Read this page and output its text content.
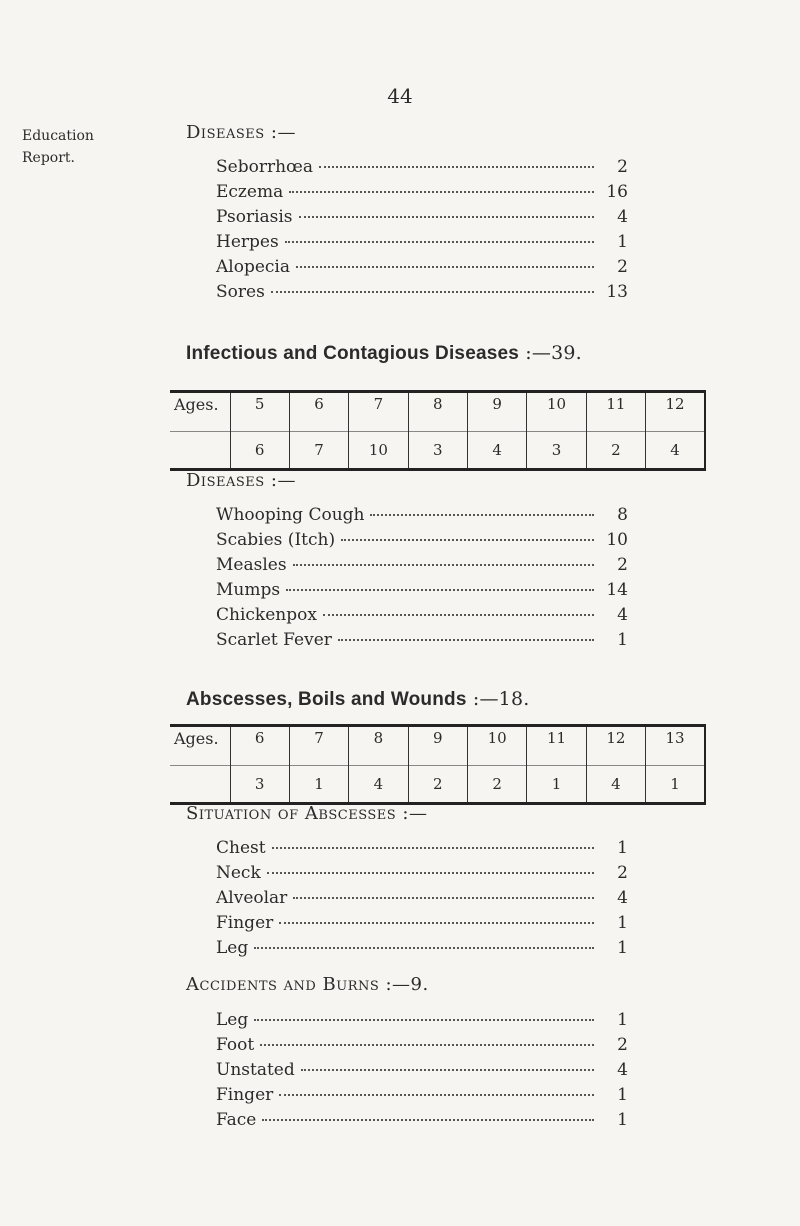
44
Education
Report.
Diseases :—
Seborrhœa	2
Eczema	16
Psoriasis	4
Herpes	1
Alopecia	2
Sores	13
Infectious and Contagious Diseases :—39.
Ages.	5	6	7	8	9	10	11	12
	6	7	10	3	4	3	2	4
Diseases :—
Whooping Cough	8
Scabies (Itch)	10
Measles	2
Mumps	14
Chickenpox	4
Scarlet Fever	1
Abscesses, Boils and Wounds :—18.
Ages.	6	7	8	9	10	11	12	13
	3	1	4	2	2	1	4	1
Situation of Abscesses :—
Chest	1
Neck	2
Alveolar	4
Finger	1
Leg	1
Accidents and Burns :—9.
Leg	1
Foot	2
Unstated	4
Finger	1
Face	1
